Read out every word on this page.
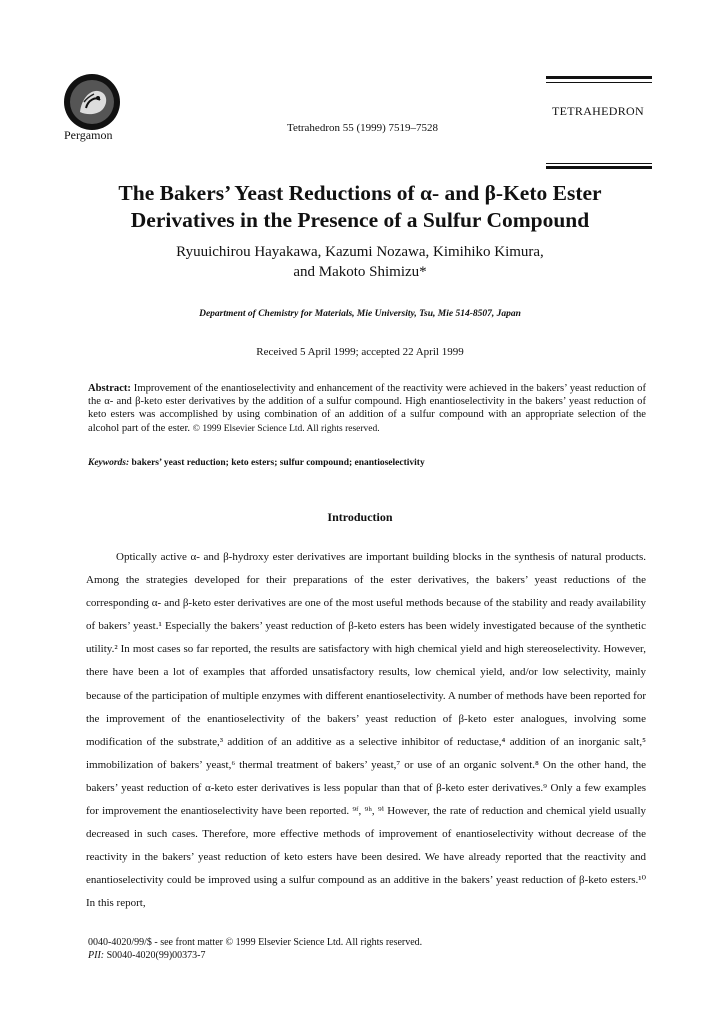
Pergamon	Tetrahedron 55 (1999) 7519–7528
TETRAHEDRON
The Bakers’ Yeast Reductions of α- and β-Keto Ester
Derivatives in the Presence of a Sulfur Compound
Ryuuichirou Hayakawa, Kazumi Nozawa, Kimihiko Kimura,
and Makoto Shimizu*
Department of Chemistry for Materials, Mie University, Tsu, Mie 514-8507, Japan
Received 5 April 1999; accepted 22 April 1999
Abstract: Improvement of the enantioselectivity and enhancement of the reactivity were achieved in the bakers’ yeast reduction of the α- and β-keto ester derivatives by the addition of a sulfur compound. High enantioselectivity in the bakers’ yeast reduction of keto esters was accomplished by using combination of an addition of a sulfur compound with an appropriate selection of the alcohol part of the ester. © 1999 Elsevier Science Ltd. All rights reserved.
Keywords: bakers’ yeast reduction; keto esters; sulfur compound; enantioselectivity
Introduction
Optically active α- and β-hydroxy ester derivatives are important building blocks in the synthesis of natural products. Among the strategies developed for their preparations of the ester derivatives, the bakers’ yeast reductions of the corresponding α- and β-keto ester derivatives are one of the most useful methods because of the stability and ready availability of bakers’ yeast.¹ Especially the bakers’ yeast reduction of β-keto esters has been widely investigated because of the synthetic utility.² In most cases so far reported, the results are satisfactory with high chemical yield and high stereoselectivity. However, there have been a lot of examples that afforded unsatisfactory results, low chemical yield, and/or low selectivity, mainly because of the participation of multiple enzymes with different enantioselectivity. A number of methods have been reported for the improvement of the enantioselectivity of the bakers’ yeast reduction of β-keto ester analogues, involving some modification of the substrate,³ addition of an additive as a selective inhibitor of reductase,⁴ addition of an inorganic salt,⁵ immobilization of bakers’ yeast,⁶ thermal treatment of bakers’ yeast,⁷ or use of an organic solvent.⁸ On the other hand, the bakers’ yeast reduction of α-keto ester derivatives is less popular than that of β-keto ester derivatives.⁹ Only a few examples for improvement the enantioselectivity have been reported. ⁹ᶠ, ⁹ʰ, ⁹ⁱ However, the rate of reduction and chemical yield usually decreased in such cases. Therefore, more effective methods of improvement of enantioselectivity without decrease of the reactivity in the bakers’ yeast reduction of keto esters have been desired. We have already reported that the reactivity and enantioselectivity could be improved using a sulfur compound as an additive in the bakers’ yeast reduction of β-keto esters.¹⁰ In this report,
0040-4020/99/$ - see front matter © 1999 Elsevier Science Ltd. All rights reserved.
PII: S0040-4020(99)00373-7
